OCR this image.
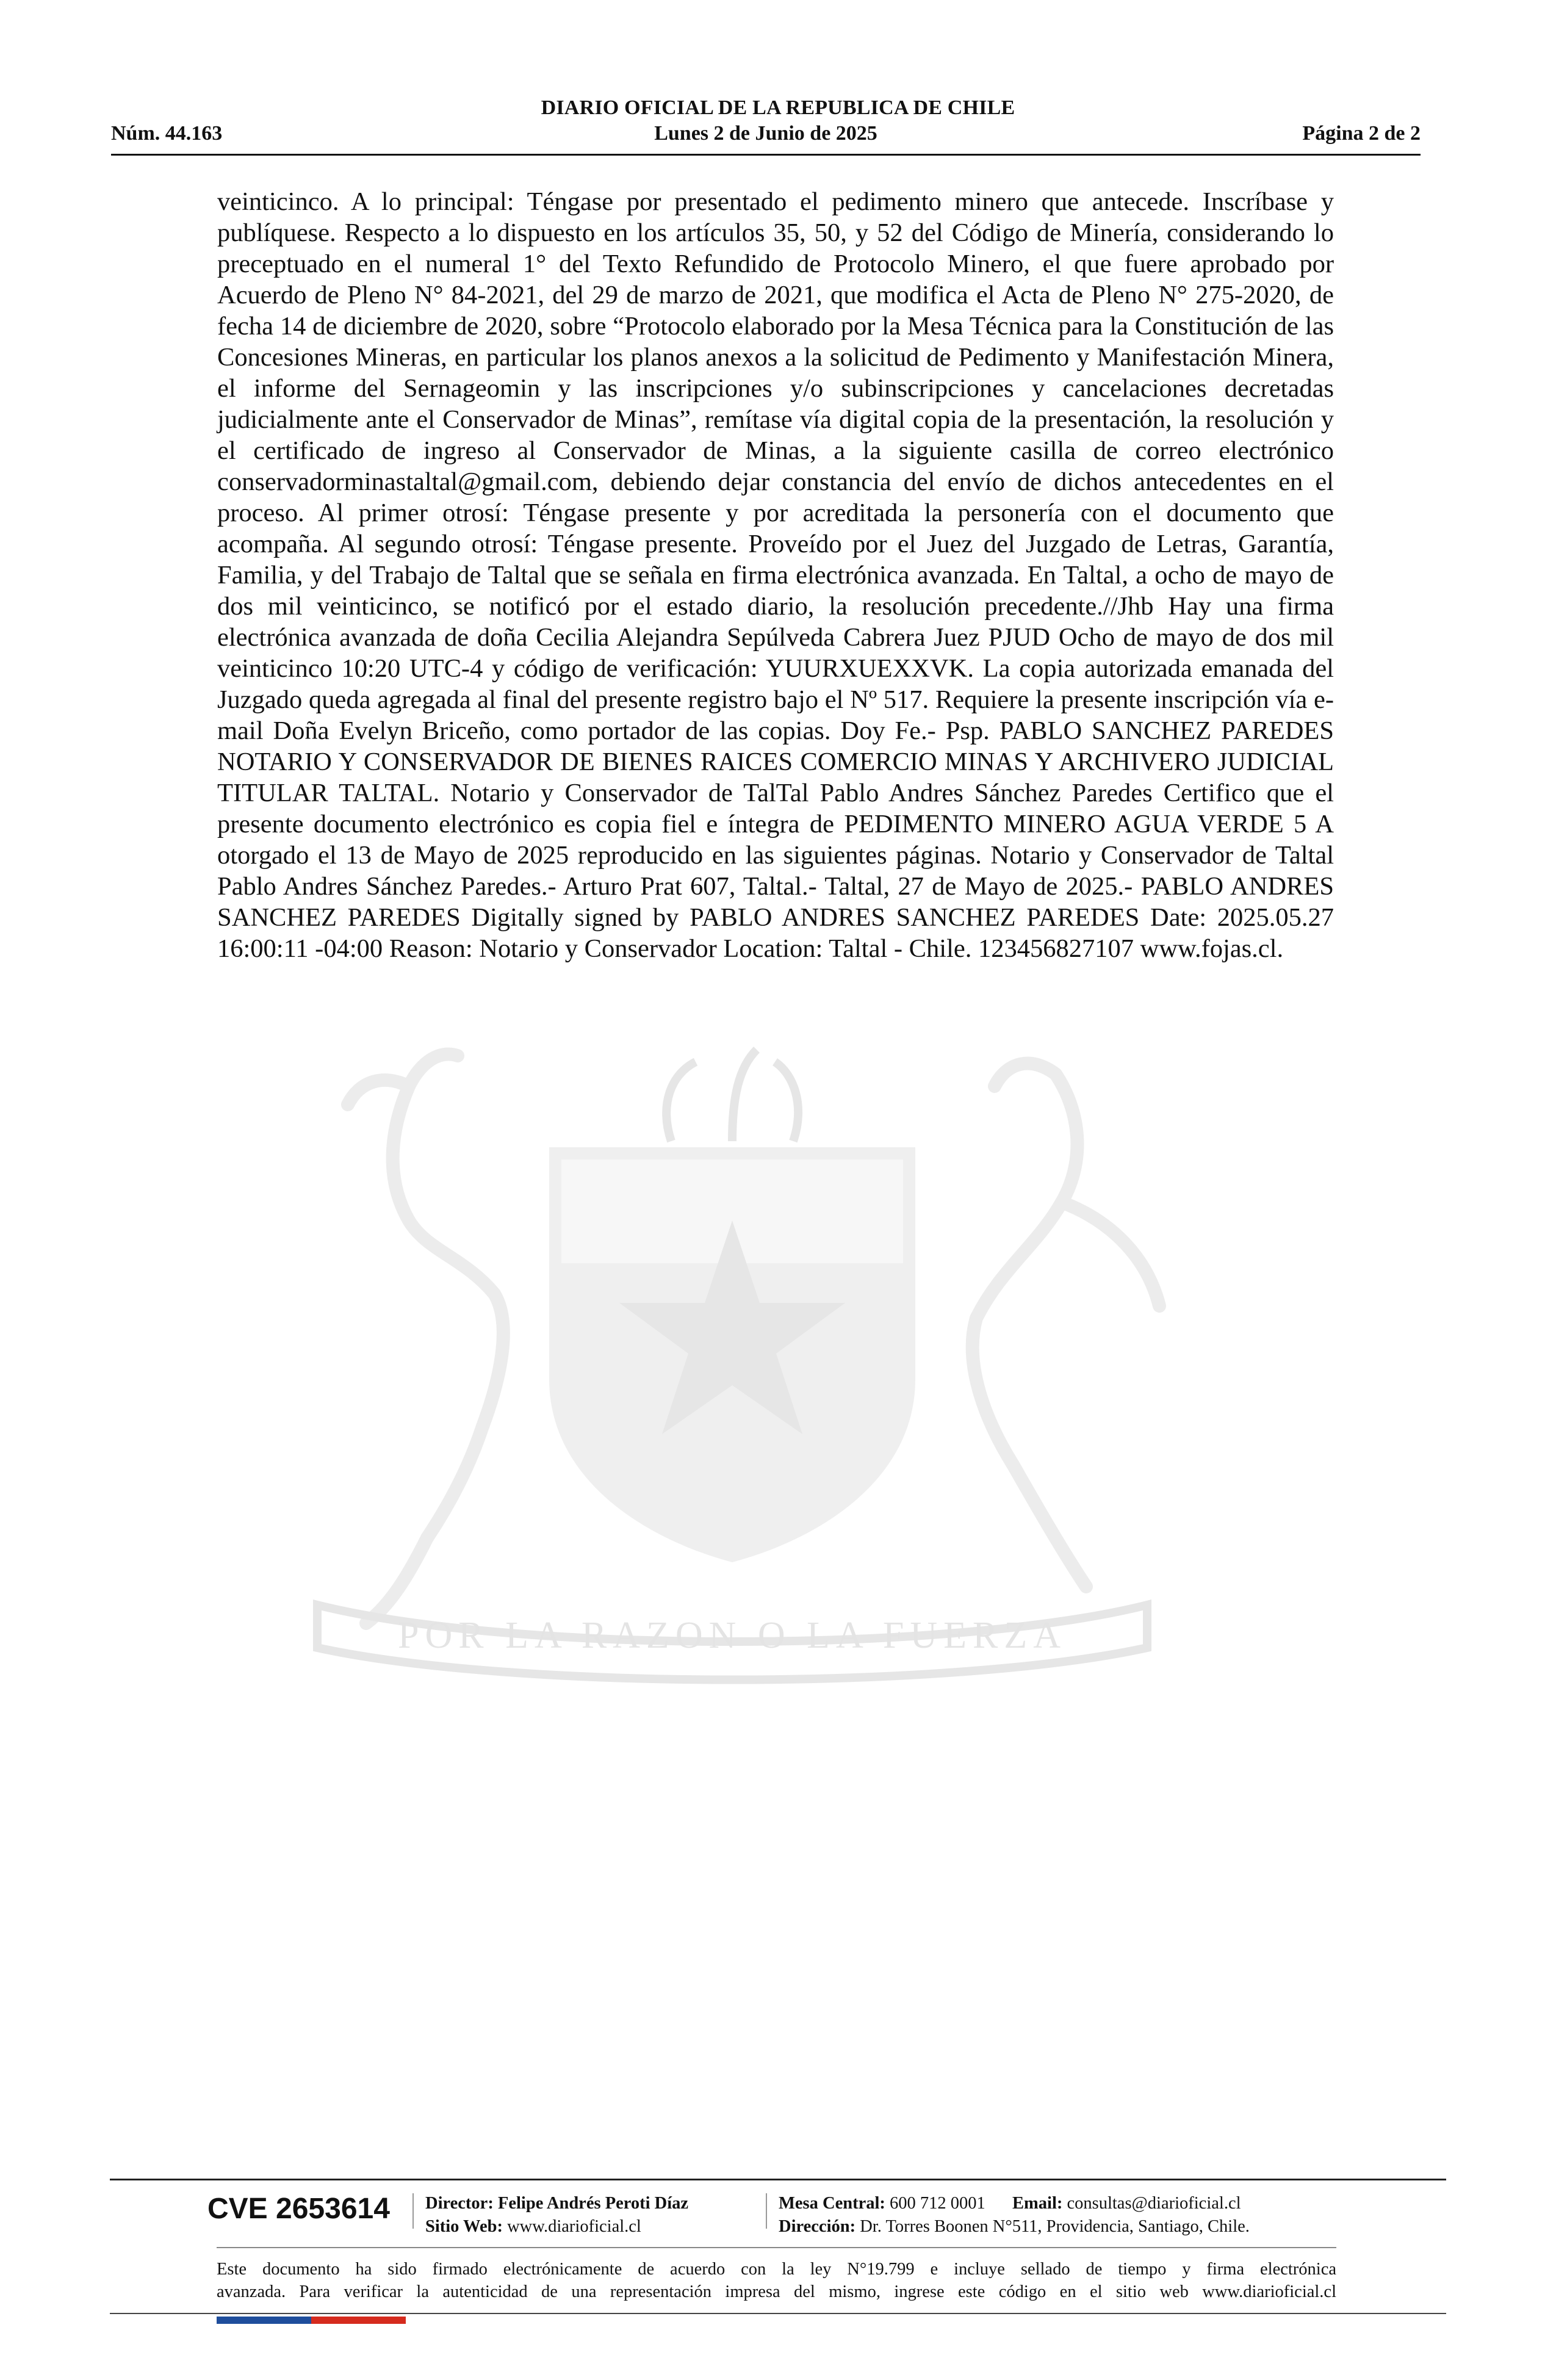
DIARIO OFICIAL DE LA REPUBLICA DE CHILE
Núm. 44.163	Lunes 2 de Junio de 2025	Página 2 de 2
POR LA RAZON O LA FUERZA
veinticinco. A lo principal: Téngase por presentado el pedimento minero que antecede. Inscríbase y publíquese. Respecto a lo dispuesto en los artículos 35, 50, y 52 del Código de Minería, considerando lo preceptuado en el numeral 1° del Texto Refundido de Protocolo Minero, el que fuere aprobado por Acuerdo de Pleno N° 84-2021, del 29 de marzo de 2021, que modifica el Acta de Pleno N° 275-2020, de fecha 14 de diciembre de 2020, sobre “Protocolo elaborado por la Mesa Técnica para la Constitución de las Concesiones Mineras, en particular los planos anexos a la solicitud de Pedimento y Manifestación Minera, el informe del Sernageomin y las inscripciones y/o subinscripciones y cancelaciones decretadas judicialmente ante el Conservador de Minas”, remítase vía digital copia de la presentación, la resolución y el certificado de ingreso al Conservador de Minas, a la siguiente casilla de correo electrónico conservadorminastaltal@gmail.com, debiendo dejar constancia del envío de dichos antecedentes en el proceso. Al primer otrosí: Téngase presente y por acreditada la personería con el documento que acompaña. Al segundo otrosí: Téngase presente. Proveído por el Juez del Juzgado de Letras, Garantía, Familia, y del Trabajo de Taltal que se señala en firma electrónica avanzada. En Taltal, a ocho de mayo de dos mil veinticinco, se notificó por el estado diario, la resolución precedente.//Jhb Hay una firma electrónica avanzada de doña Cecilia Alejandra Sepúlveda Cabrera Juez PJUD Ocho de mayo de dos mil veinticinco 10:20 UTC-4 y código de verificación: YUURXUEXXVK. La copia autorizada emanada del Juzgado queda agregada al final del presente registro bajo el Nº 517. Requiere la presente inscripción vía e-mail Doña Evelyn Briceño, como portador de las copias. Doy Fe.- Psp. PABLO SANCHEZ PAREDES NOTARIO Y CONSERVADOR DE BIENES RAICES COMERCIO MINAS Y ARCHIVERO JUDICIAL TITULAR TALTAL. Notario y Conservador de TalTal Pablo Andres Sánchez Paredes Certifico que el presente documento electrónico es copia fiel e íntegra de PEDIMENTO MINERO AGUA VERDE 5 A otorgado el 13 de Mayo de 2025 reproducido en las siguientes páginas. Notario y Conservador de Taltal Pablo Andres Sánchez Paredes.- Arturo Prat 607, Taltal.- Taltal, 27 de Mayo de 2025.- PABLO ANDRES SANCHEZ PAREDES Digitally signed by PABLO ANDRES SANCHEZ PAREDES Date: 2025.05.27 16:00:11 -04:00 Reason: Notario y Conservador Location: Taltal - Chile. 123456827107 www.fojas.cl.
CVE 2653614	Director: Felipe Andrés Peroti Díaz
Sitio Web: www.diarioficial.cl
Mesa Central: 600 712 0001 Email: consultas@diarioficial.cl
Dirección: Dr. Torres Boonen N°511, Providencia, Santiago, Chile.
Este documento ha sido firmado electrónicamente de acuerdo con la ley N°19.799 e incluye sellado de tiempo y firma electrónica
avanzada. Para verificar la autenticidad de una representación impresa del mismo, ingrese este código en el sitio web www.diarioficial.cl
